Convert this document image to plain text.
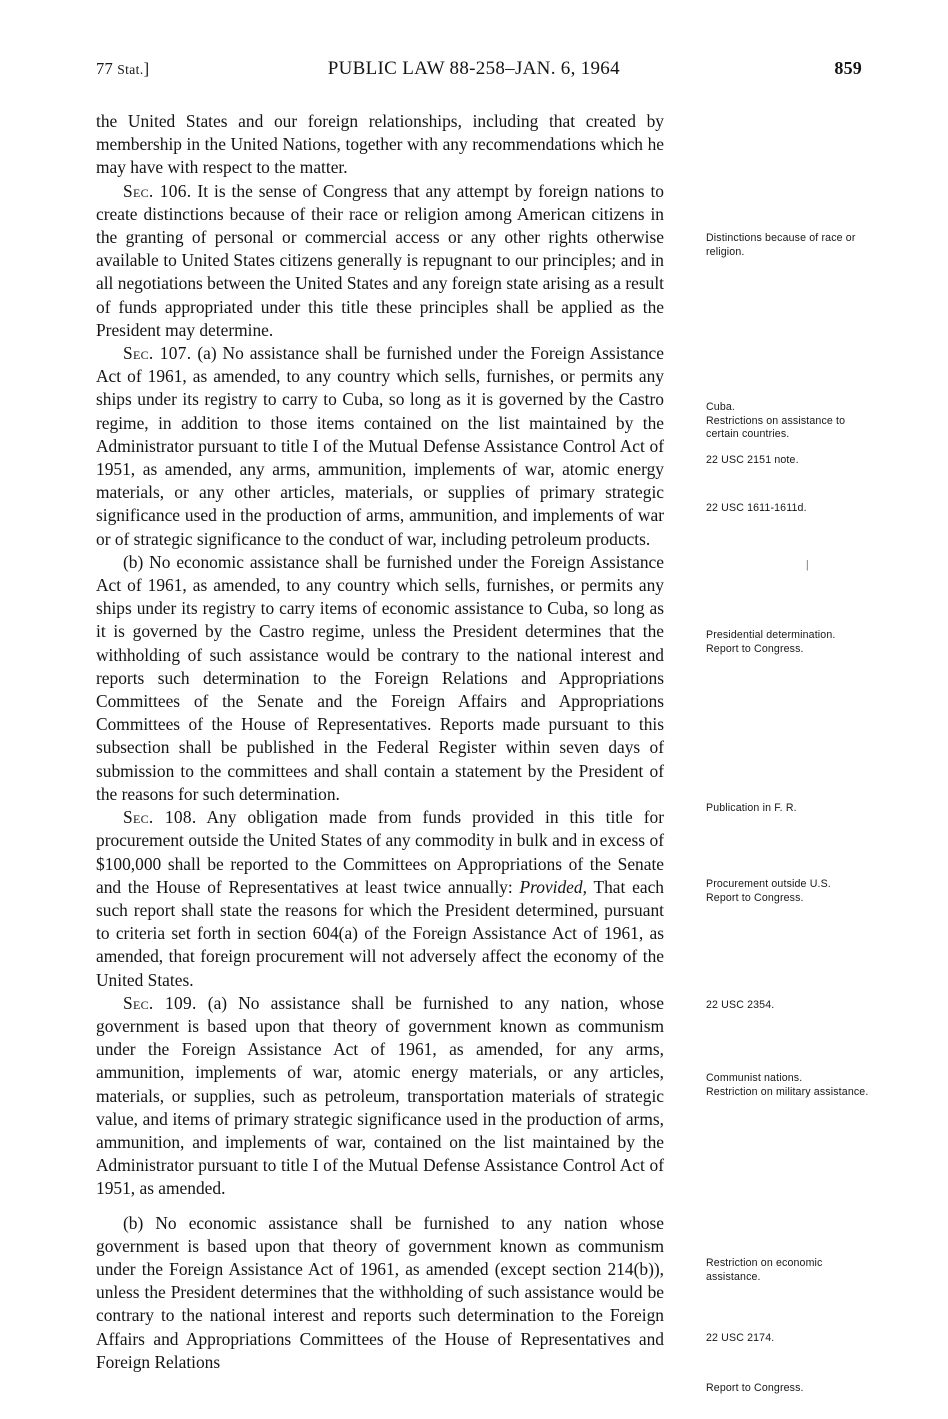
77 Stat.]	PUBLIC LAW 88-258–JAN. 6, 1964	859

the United States and our foreign relationships, including that created by membership in the United Nations, together with any recommendations which he may have with respect to the matter.

Sec. 106. It is the sense of Congress that any attempt by foreign nations to create distinctions because of their race or religion among American citizens in the granting of personal or commercial access or any other rights otherwise available to United States citizens generally is repugnant to our principles; and in all negotiations between the United States and any foreign state arising as a result of funds appropriated under this title these principles shall be applied as the President may determine.

Sec. 107. (a) No assistance shall be furnished under the Foreign Assistance Act of 1961, as amended, to any country which sells, furnishes, or permits any ships under its registry to carry to Cuba, so long as it is governed by the Castro regime, in addition to those items contained on the list maintained by the Administrator pursuant to title I of the Mutual Defense Assistance Control Act of 1951, as amended, any arms, ammunition, implements of war, atomic energy materials, or any other articles, materials, or supplies of primary strategic significance used in the production of arms, ammunition, and implements of war or of strategic significance to the conduct of war, including petroleum products.

(b) No economic assistance shall be furnished under the Foreign Assistance Act of 1961, as amended, to any country which sells, furnishes, or permits any ships under its registry to carry items of economic assistance to Cuba, so long as it is governed by the Castro regime, unless the President determines that the withholding of such assistance would be contrary to the national interest and reports such determination to the Foreign Relations and Appropriations Committees of the Senate and the Foreign Affairs and Appropriations Committees of the House of Representatives. Reports made pursuant to this subsection shall be published in the Federal Register within seven days of submission to the committees and shall contain a statement by the President of the reasons for such determination.

Sec. 108. Any obligation made from funds provided in this title for procurement outside the United States of any commodity in bulk and in excess of $100,000 shall be reported to the Committees on Appropriations of the Senate and the House of Representatives at least twice annually: Provided, That each such report shall state the reasons for which the President determined, pursuant to criteria set forth in section 604(a) of the Foreign Assistance Act of 1961, as amended, that foreign procurement will not adversely affect the economy of the United States.

Sec. 109. (a) No assistance shall be furnished to any nation, whose government is based upon that theory of government known as communism under the Foreign Assistance Act of 1961, as amended, for any arms, ammunition, implements of war, atomic energy materials, or any articles, materials, or supplies, such as petroleum, transportation materials of strategic value, and items of primary strategic significance used in the production of arms, ammunition, and implements of war, contained on the list maintained by the Administrator pursuant to title I of the Mutual Defense Assistance Control Act of 1951, as amended.

(b) No economic assistance shall be furnished to any nation whose government is based upon that theory of government known as communism under the Foreign Assistance Act of 1961, as amended (except section 214(b)), unless the President determines that the withholding of such assistance would be contrary to the national interest and reports such determination to the Foreign Affairs and Appropriations Committees of the House of Representatives and Foreign Relations

Distinctions because of race or religion.
Cuba.
Restrictions on assistance to certain countries.
22 USC 2151 note.
22 USC 1611-1611d.
Presidential determination.
Report to Congress.
Publication in F. R.
Procurement outside U.S.
Report to Congress.
22 USC 2354.
Communist nations.
Restriction on military assistance.
Restriction on economic assistance.
22 USC 2174.
Report to Congress.
|
